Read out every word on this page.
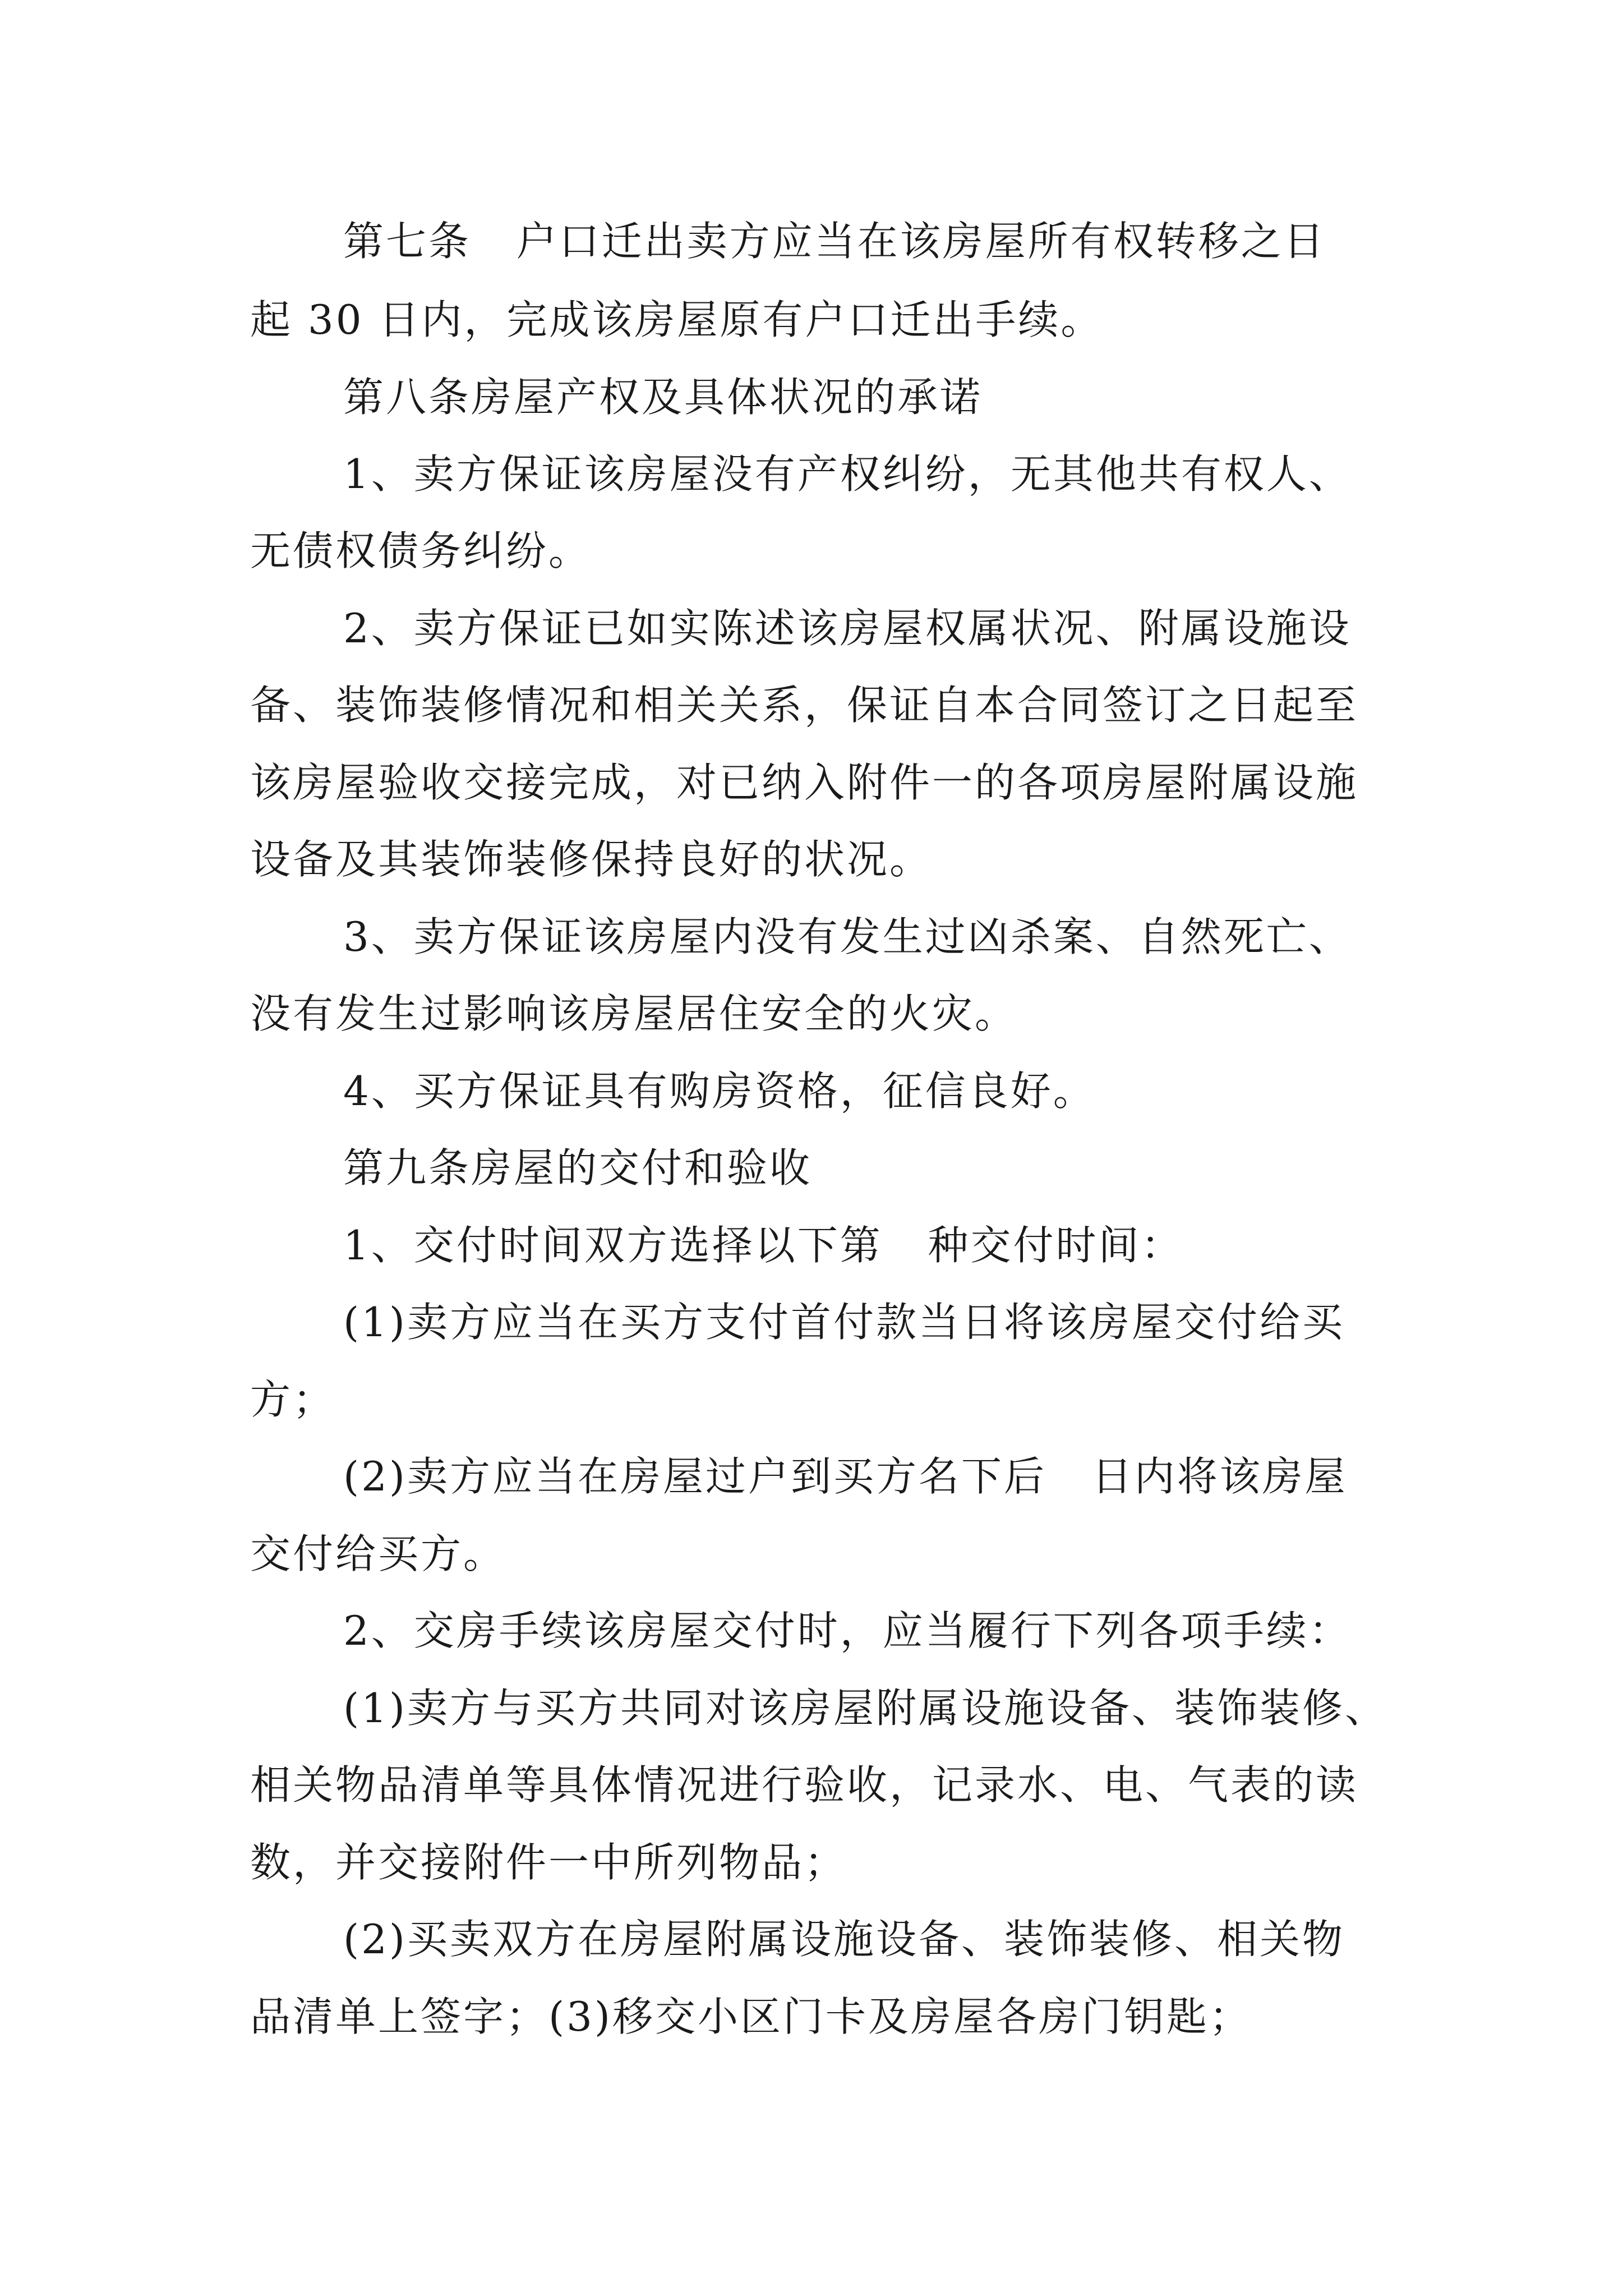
第七条   户口迁出卖方应当在该房屋所有权转移之日
起 30 日内，完成该房屋原有户口迁出手续。
第八条房屋产权及具体状况的承诺
1、卖方保证该房屋没有产权纠纷，无其他共有权人、
无债权债务纠纷。
2、卖方保证已如实陈述该房屋权属状况、附属设施设
备、装饰装修情况和相关关系，保证自本合同签订之日起至
该房屋验收交接完成，对已纳入附件一的各项房屋附属设施
设备及其装饰装修保持良好的状况。
3、卖方保证该房屋内没有发生过凶杀案、自然死亡、
没有发生过影响该房屋居住安全的火灾。
4、买方保证具有购房资格，征信良好。
第九条房屋的交付和验收
1、交付时间双方选择以下第   种交付时间：
(1)卖方应当在买方支付首付款当日将该房屋交付给买
方；
(2)卖方应当在房屋过户到买方名下后   日内将该房屋
交付给买方。
2、交房手续该房屋交付时，应当履行下列各项手续：
(1)卖方与买方共同对该房屋附属设施设备、装饰装修、
相关物品清单等具体情况进行验收，记录水、电、气表的读
数，并交接附件一中所列物品；
(2)买卖双方在房屋附属设施设备、装饰装修、相关物
品清单上签字；(3)移交小区门卡及房屋各房门钥匙；
